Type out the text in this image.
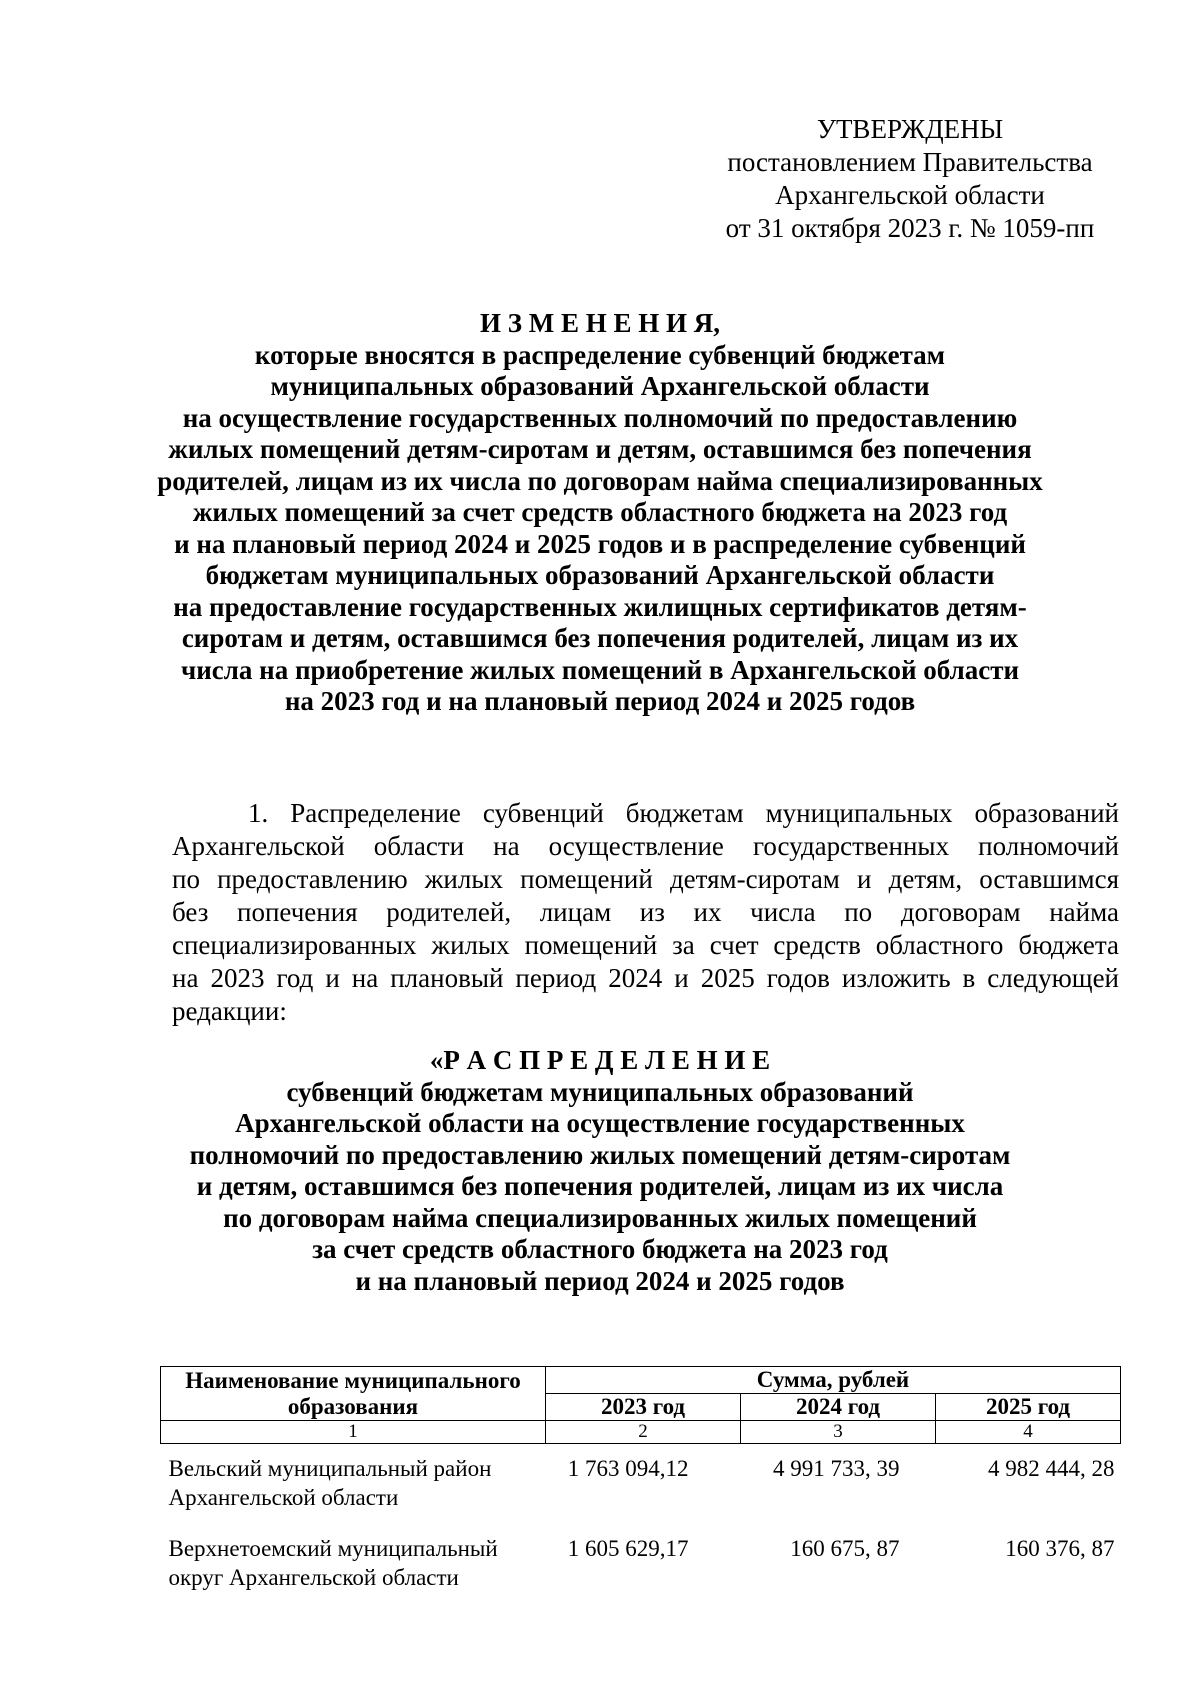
УТВЕРЖДЕНЫ
постановлением Правительства
Архангельской области
от 31 октября 2023 г. № 1059-пп
И З М Е Н Е Н И Я,
которые вносятся в распределение субвенций бюджетам
муниципальных образований Архангельской области
на осуществление государственных полномочий по предоставлению
жилых помещений детям-сиротам и детям, оставшимся без попечения
родителей, лицам из их числа по договорам найма специализированных
жилых помещений за счет средств областного бюджета на 2023 год
и на плановый период 2024 и 2025 годов и в распределение субвенций
бюджетам муниципальных образований Архангельской области
на предоставление государственных жилищных сертификатов детям-
сиротам и детям, оставшимся без попечения родителей, лицам из их
числа на приобретение жилых помещений в Архангельской области
на 2023 год и на плановый период 2024 и 2025 годов
1. Распределение субвенций бюджетам муниципальных образований
Архангельской области на осуществление государственных полномочий
по предоставлению жилых помещений детям-сиротам и детям, оставшимся
без попечения родителей, лицам из их числа по договорам найма
специализированных жилых помещений за счет средств областного бюджета
на 2023 год и на плановый период 2024 и 2025 годов изложить в следующей
редакции:
«Р А С П Р Е Д Е Л Е Н И Е
субвенций бюджетам муниципальных образований
Архангельской области на осуществление государственных
полномочий по предоставлению жилых помещений детям-сиротам
и детям, оставшимся без попечения родителей, лицам из их числа
по договорам найма специализированных жилых помещений
за счет средств областного бюджета на 2023 год
и на плановый период 2024 и 2025 годов
Наименование муниципального образования	Сумма, рублей		
	2023 год	2024 год	2025 год
1	2	3	4
Вельский муниципальный район Архангельской области	1 763 094,12	4 991 733, 39	4 982 444, 28
Верхнетоемский муниципальный округ Архангельской области	1 605 629,17	160 675, 87	160 376, 87
